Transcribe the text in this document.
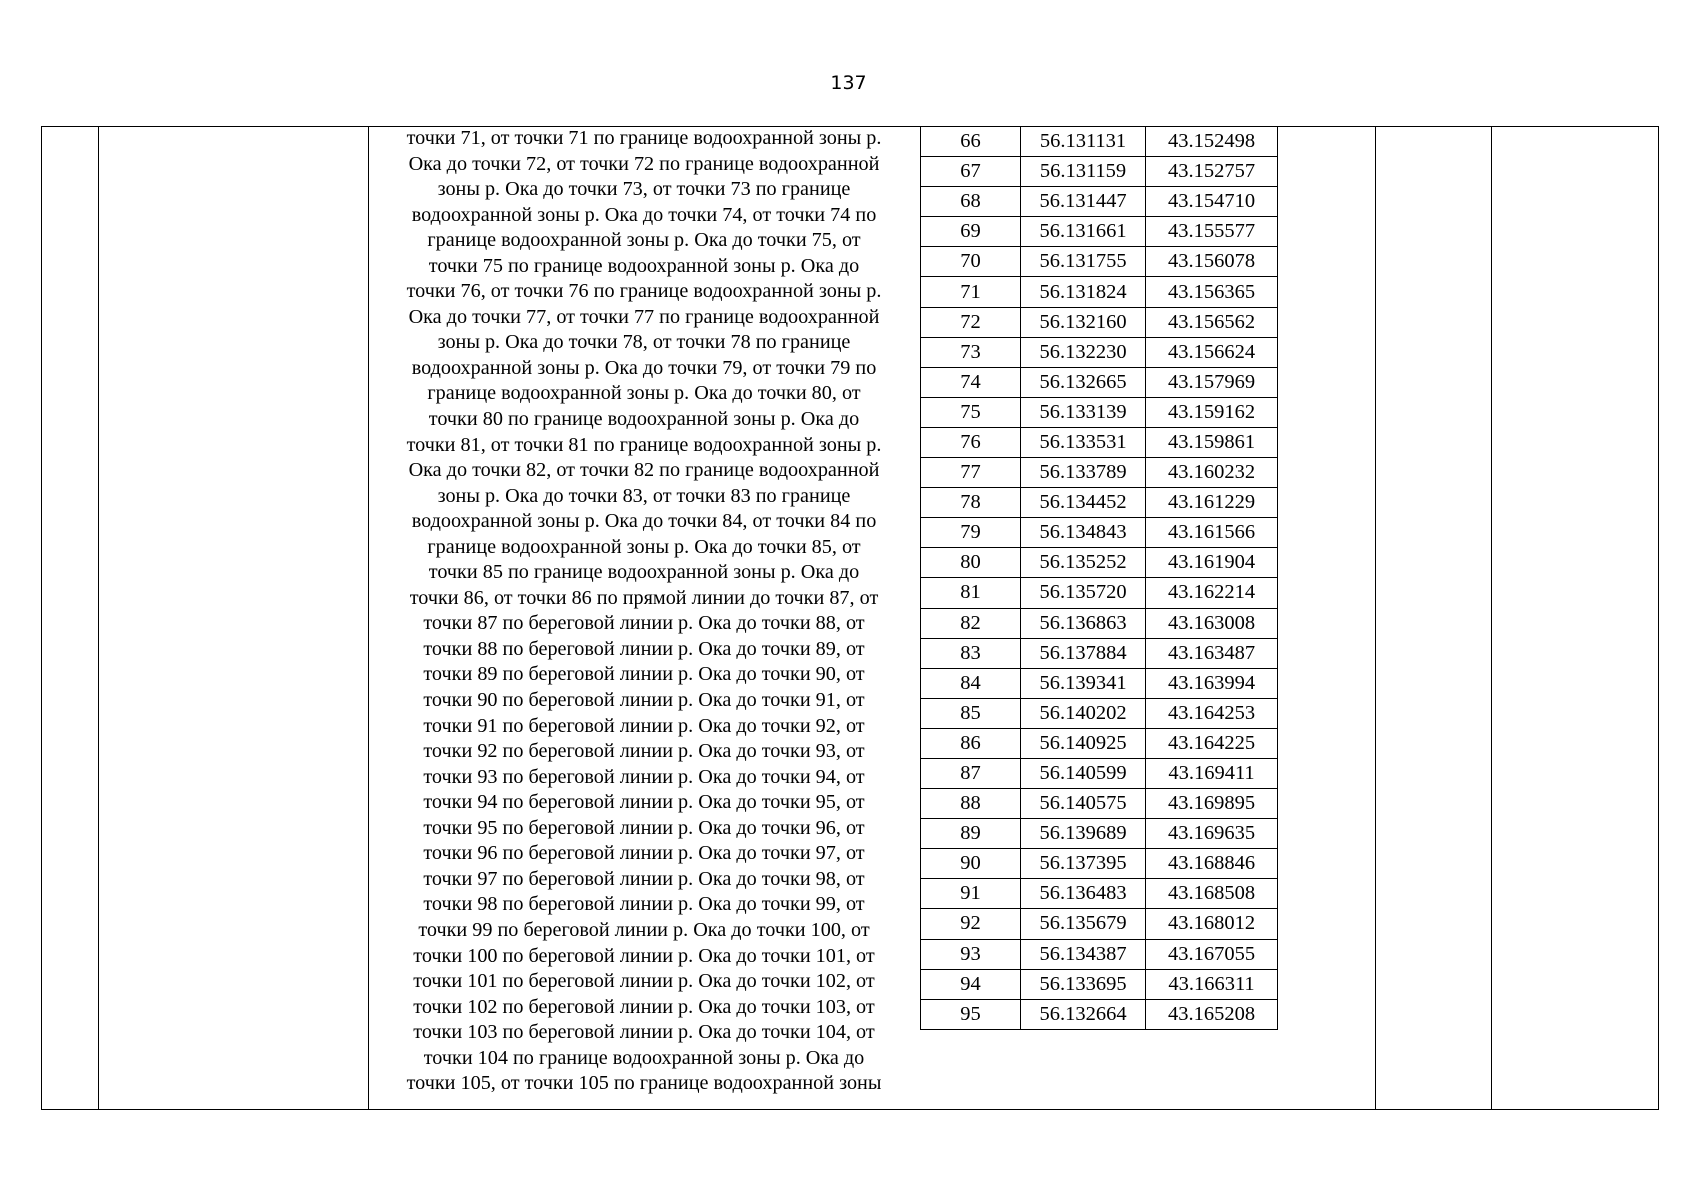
137
точки 71, от точки 71 по границе водоохранной зоны р.
Ока до точки 72, от точки 72 по границе водоохранной
зоны р. Ока до точки 73, от точки 73 по границе
водоохранной зоны р. Ока до точки 74, от точки 74 по
границе водоохранной зоны р. Ока до точки 75, от
точки 75 по границе водоохранной зоны р. Ока до
точки 76, от точки 76 по границе водоохранной зоны р.
Ока до точки 77, от точки 77 по границе водоохранной
зоны р. Ока до точки 78, от точки 78 по границе
водоохранной зоны р. Ока до точки 79, от точки 79 по
границе водоохранной зоны р. Ока до точки 80, от
точки 80 по границе водоохранной зоны р. Ока до
точки 81, от точки 81 по границе водоохранной зоны р.
Ока до точки 82, от точки 82 по границе водоохранной
зоны р. Ока до точки 83, от точки 83 по границе
водоохранной зоны р. Ока до точки 84, от точки 84 по
границе водоохранной зоны р. Ока до точки 85, от
точки 85 по границе водоохранной зоны р. Ока до
точки 86, от точки 86 по прямой линии до точки 87, от
точки 87 по береговой линии р. Ока до точки 88, от
точки 88 по береговой линии р. Ока до точки 89, от
точки 89 по береговой линии р. Ока до точки 90, от
точки 90 по береговой линии р. Ока до точки 91, от
точки 91 по береговой линии р. Ока до точки 92, от
точки 92 по береговой линии р. Ока до точки 93, от
точки 93 по береговой линии р. Ока до точки 94, от
точки 94 по береговой линии р. Ока до точки 95, от
точки 95 по береговой линии р. Ока до точки 96, от
точки 96 по береговой линии р. Ока до точки 97, от
точки 97 по береговой линии р. Ока до точки 98, от
точки 98 по береговой линии р. Ока до точки 99, от
точки 99 по береговой линии р. Ока до точки 100, от
точки 100 по береговой линии р. Ока до точки 101, от
точки 101 по береговой линии р. Ока до точки 102, от
точки 102 по береговой линии р. Ока до точки 103, от
точки 103 по береговой линии р. Ока до точки 104, от
точки 104 по границе водоохранной зоны р. Ока до
точки 105, от точки 105 по границе водоохранной зоны
66	56.131131	43.152498
67	56.131159	43.152757
68	56.131447	43.154710
69	56.131661	43.155577
70	56.131755	43.156078
71	56.131824	43.156365
72	56.132160	43.156562
73	56.132230	43.156624
74	56.132665	43.157969
75	56.133139	43.159162
76	56.133531	43.159861
77	56.133789	43.160232
78	56.134452	43.161229
79	56.134843	43.161566
80	56.135252	43.161904
81	56.135720	43.162214
82	56.136863	43.163008
83	56.137884	43.163487
84	56.139341	43.163994
85	56.140202	43.164253
86	56.140925	43.164225
87	56.140599	43.169411
88	56.140575	43.169895
89	56.139689	43.169635
90	56.137395	43.168846
91	56.136483	43.168508
92	56.135679	43.168012
93	56.134387	43.167055
94	56.133695	43.166311
95	56.132664	43.165208
